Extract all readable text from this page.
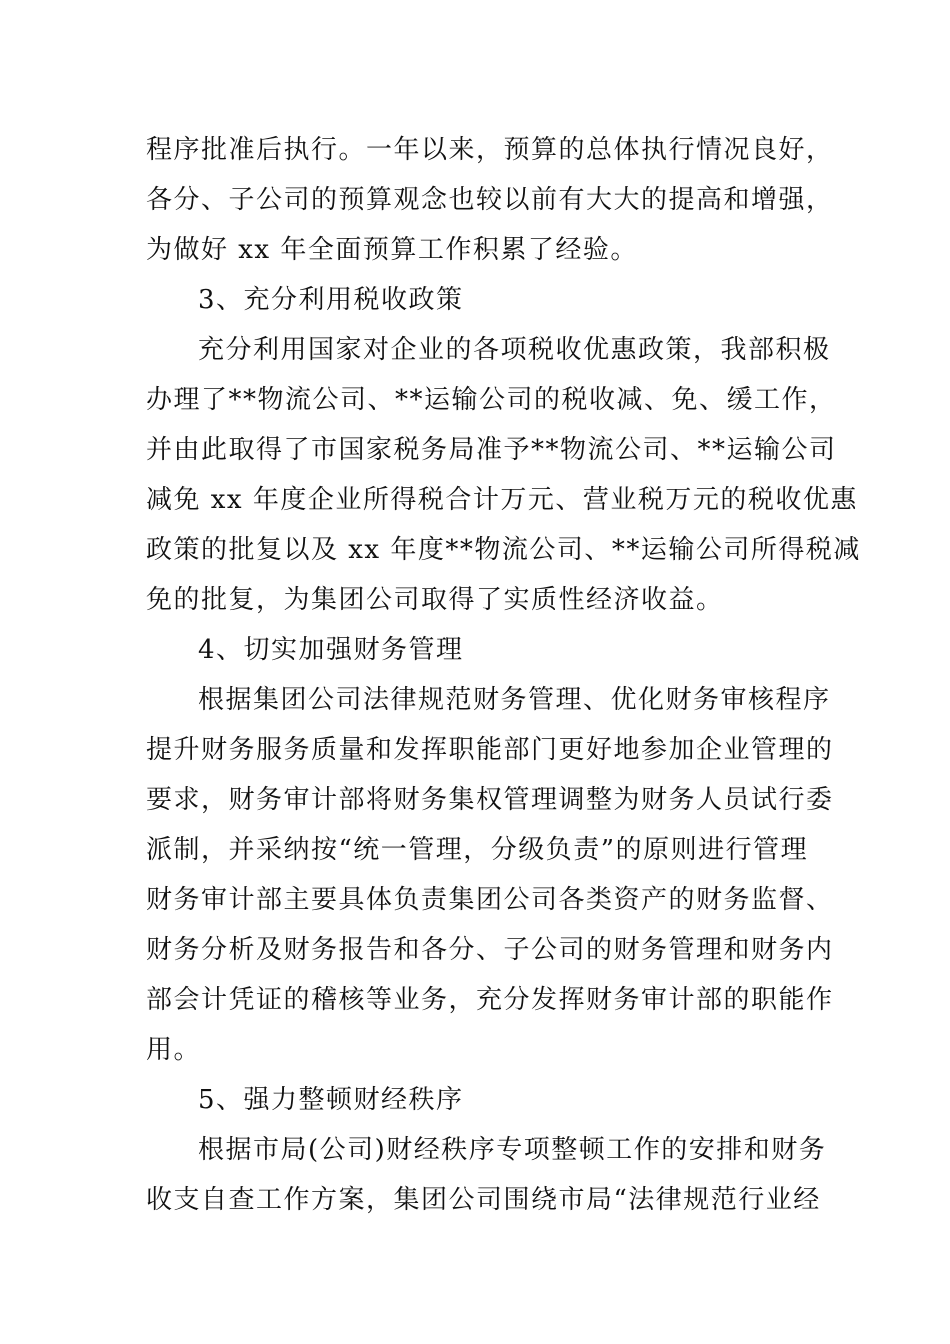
程序批准后执行。一年以来，预算的总体执行情况良好，
各分、子公司的预算观念也较以前有大大的提高和增强，
为做好 xx 年全面预算工作积累了经验。
3、充分利用税收政策
充分利用国家对企业的各项税收优惠政策，我部积极
办理了**物流公司、**运输公司的税收减、免、缓工作，
并由此取得了市国家税务局准予**物流公司、**运输公司
减免 xx 年度企业所得税合计万元、营业税万元的税收优惠
政策的批复以及 xx 年度**物流公司、**运输公司所得税减
免的批复，为集团公司取得了实质性经济收益。
4、切实加强财务管理
根据集团公司法律规范财务管理、优化财务审核程序
提升财务服务质量和发挥职能部门更好地参加企业管理的
要求，财务审计部将财务集权管理调整为财务人员试行委
派制，并采纳按“统一管理，分级负责”的原则进行管理
财务审计部主要具体负责集团公司各类资产的财务监督、
财务分析及财务报告和各分、子公司的财务管理和财务内
部会计凭证的稽核等业务，充分发挥财务审计部的职能作
用。
5、强力整顿财经秩序
根据市局(公司)财经秩序专项整顿工作的安排和财务
收支自查工作方案，集团公司围绕市局“法律规范行业经
